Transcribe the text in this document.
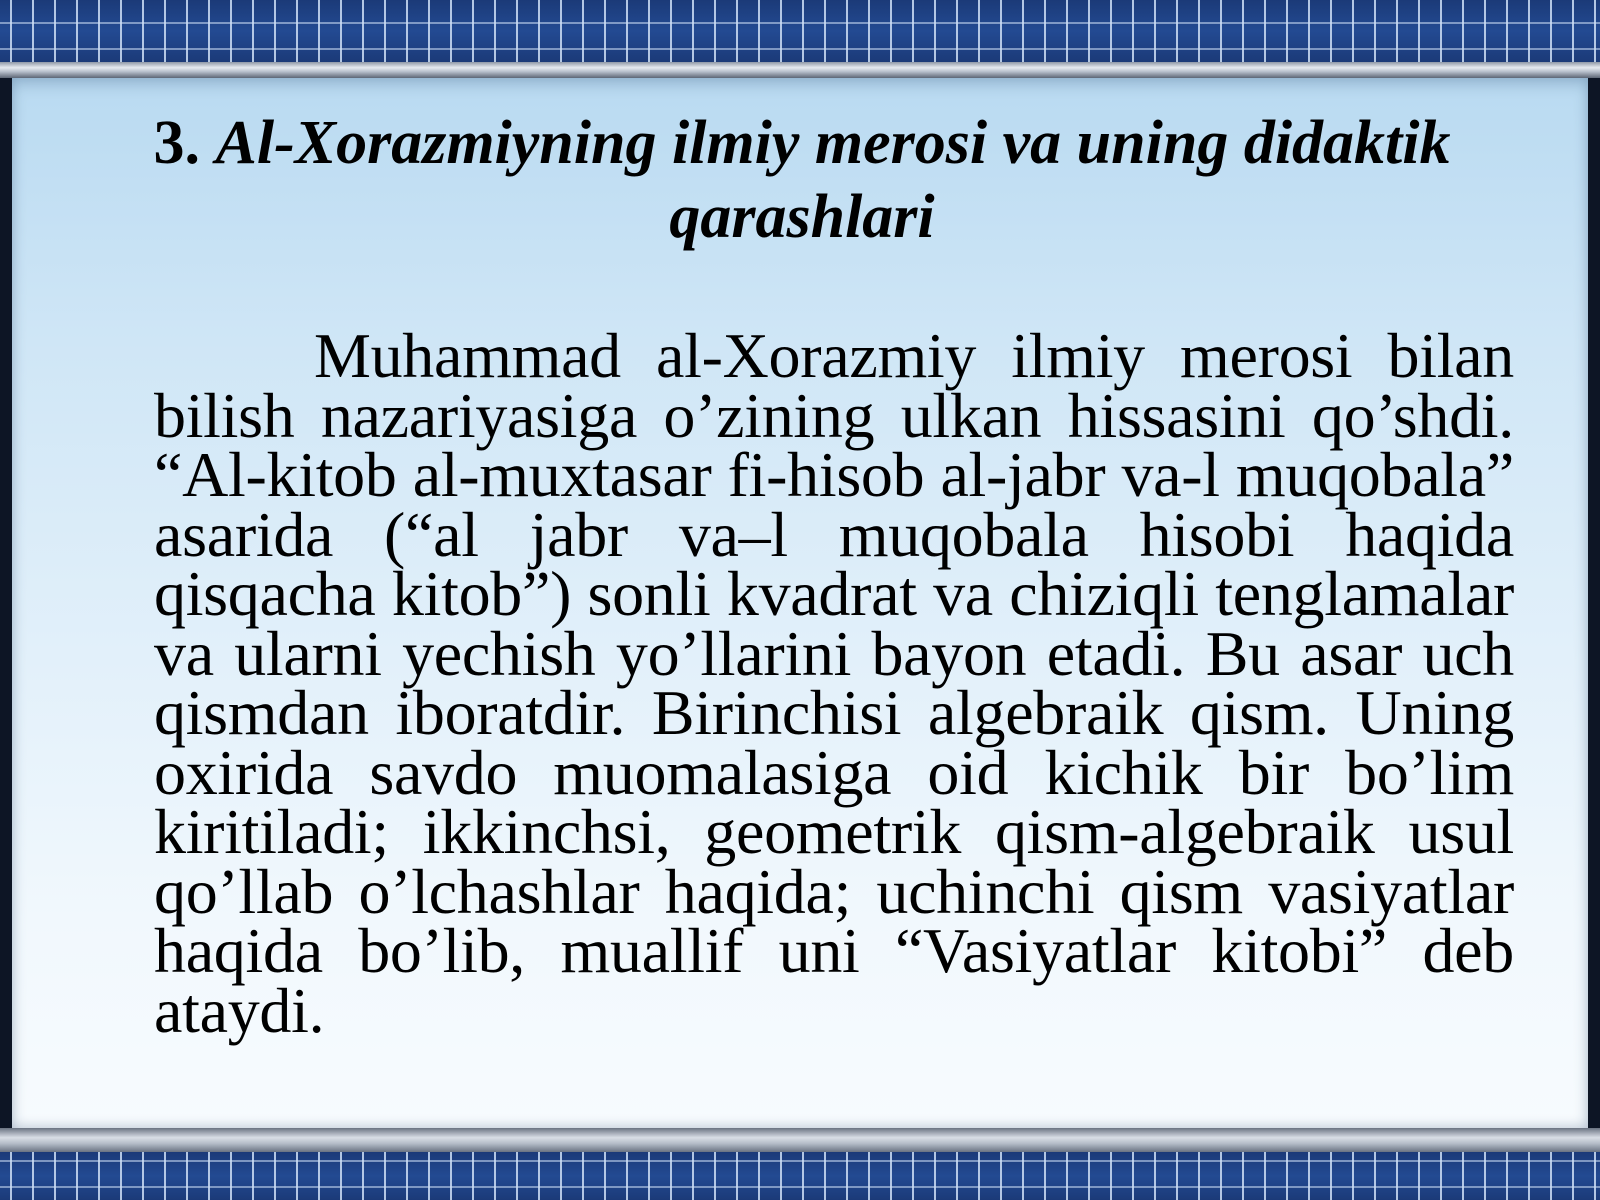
3. Al-Xorazmiyning ilmiy merosi va uning didaktik qarashlari

Muhammad al-Xorazmiy ilmiy merosi bilan bilish nazariyasiga o’zining ulkan hissasini qo’shdi. “Al-kitob al-muxtasar fi-hisob al-jabr va-l muqobala” asarida (“al jabr va–l muqobala hisobi haqida qisqacha kitob”) sonli kvadrat va chiziqli tenglamalar va ularni yechish yo’llarini bayon etadi. Bu asar uch qismdan iboratdir. Birinchisi algebraik qism. Uning oxirida savdo muomalasiga oid kichik bir bo’lim kiritiladi; ikkinchsi, geometrik qism-algebraik usul qo’llab o’lchashlar haqida; uchinchi qism vasiyatlar haqida bo’lib, muallif uni “Vasiyatlar kitobi” deb ataydi.
